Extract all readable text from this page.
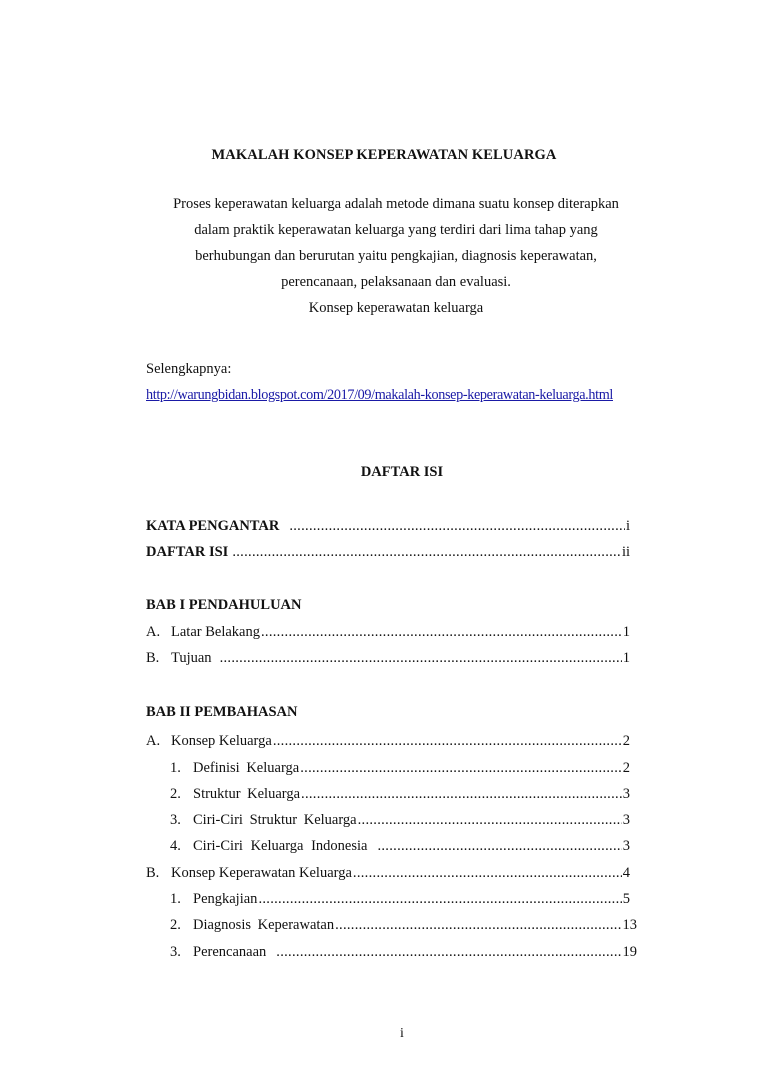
MAKALAH KONSEP KEPERAWATAN KELUARGA
Proses keperawatan keluarga adalah metode dimana suatu konsep diterapkan
dalam praktik keperawatan keluarga yang terdiri dari lima tahap yang
berhubungan dan berurutan yaitu pengkajian, diagnosis keperawatan,
perencanaan, pelaksanaan dan evaluasi.
Konsep keperawatan keluarga
Selengkapnya:
http://warungbidan.blogspot.com/2017/09/makalah-konsep-keperawatan-keluarga.html
DAFTAR ISI
KATA PENGANTAR .....	i
DAFTAR ISI .....	ii
BAB I PENDAHULUAN
A. Latar Belakang .....	1
B. Tujuan .....	1
BAB II PEMBAHASAN
A. Konsep Keluarga .....	2
1. Definisi Keluarga .....	2
2. Struktur Keluarga .....	3
3. Ciri-Ciri Struktur Keluarga .....	3
4. Ciri-Ciri Keluarga Indonesia .....	3
B. Konsep Keperawatan Keluarga .....	4
1. Pengkajian .....	5
2. Diagnosis Keperawatan .....	13
3. Perencanaan .....	19
i
